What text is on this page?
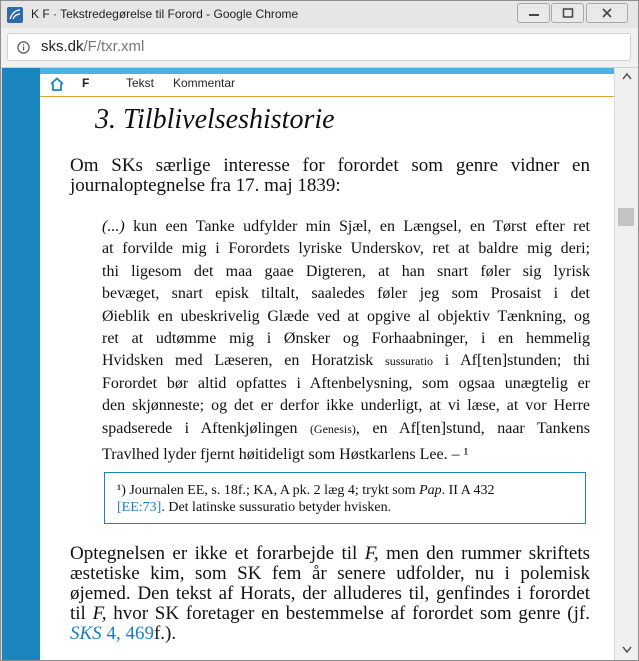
K F · Tekstredegørelse til Forord - Google Chrome
sks.dk/F/txr.xml
F	Tekst Kommentar
3. Tilblivelseshistorie

Om SKs særlige interesse for forordet som genre vidner en journaloptegnelse fra 17. maj 1839:

(...) kun een Tanke udfylder min Sjæl, en Længsel, en Tørst efter ret
at forvilde mig i Forordets lyriske Underskov, ret at baldre mig deri;
thi ligesom det maa gaae Digteren, at han snart føler sig lyrisk
bevæget, snart episk tiltalt, saaledes føler jeg som Prosaist i det
Øieblik en ubeskrivelig Glæde ved at opgive al objektiv Tænkning, og
ret at udtømme mig i Ønsker og Forhaabninger, i en hemmelig
Hvidsken med Læseren, en Horatzisk sussuratio i Af[ten]stunden; thi
Forordet bør altid opfattes i Aftenbelysning, som ogsaa unægtelig er
den skjønneste; og det er derfor ikke underligt, at vi læse, at vor Herre
spadserede i Aftenkjølingen (Genesis), en Af[ten]stund, naar Tankens
Travlhed lyder fjernt høitideligt som Høstkarlens Lee. – ¹
¹) Journalen EE, s. 18f.; KA, A pk. 2 læg 4; trykt som Pap. II A 432
[EE:73]. Det latinske sussuratio betyder hvisken.
Optegnelsen er ikke et forarbejde til F, men den rummer skriftets
æstetiske kim, som SK fem år senere udfolder, nu i polemisk
øjemed. Den tekst af Horats, der alluderes til, genfindes i forordet
til F, hvor SK foretager en bestemmelse af forordet som genre (jf.
SKS 4, 469f.).
